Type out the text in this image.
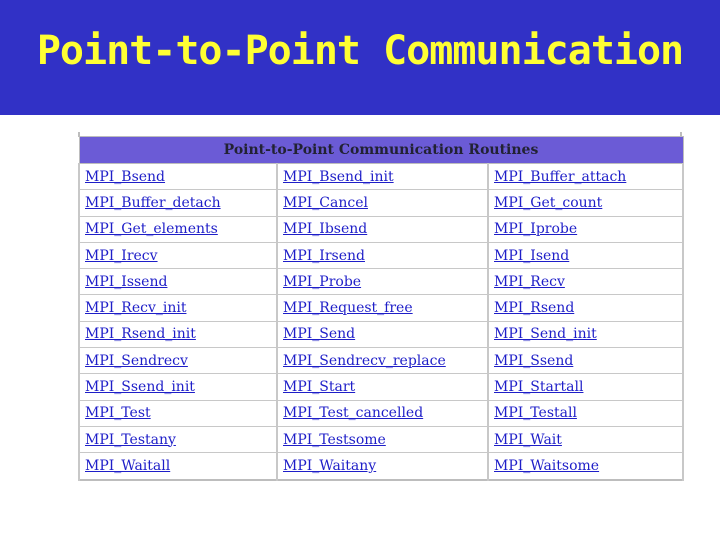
Point-to-Point Communication
Point-to-Point Communication Routines		
MPI_Bsend	MPI_Bsend_init	MPI_Buffer_attach
MPI_Buffer_detach	MPI_Cancel	MPI_Get_count
MPI_Get_elements	MPI_Ibsend	MPI_Iprobe
MPI_Irecv	MPI_Irsend	MPI_Isend
MPI_Issend	MPI_Probe	MPI_Recv
MPI_Recv_init	MPI_Request_free	MPI_Rsend
MPI_Rsend_init	MPI_Send	MPI_Send_init
MPI_Sendrecv	MPI_Sendrecv_replace	MPI_Ssend
MPI_Ssend_init	MPI_Start	MPI_Startall
MPI_Test	MPI_Test_cancelled	MPI_Testall
MPI_Testany	MPI_Testsome	MPI_Wait
MPI_Waitall	MPI_Waitany	MPI_Waitsome
